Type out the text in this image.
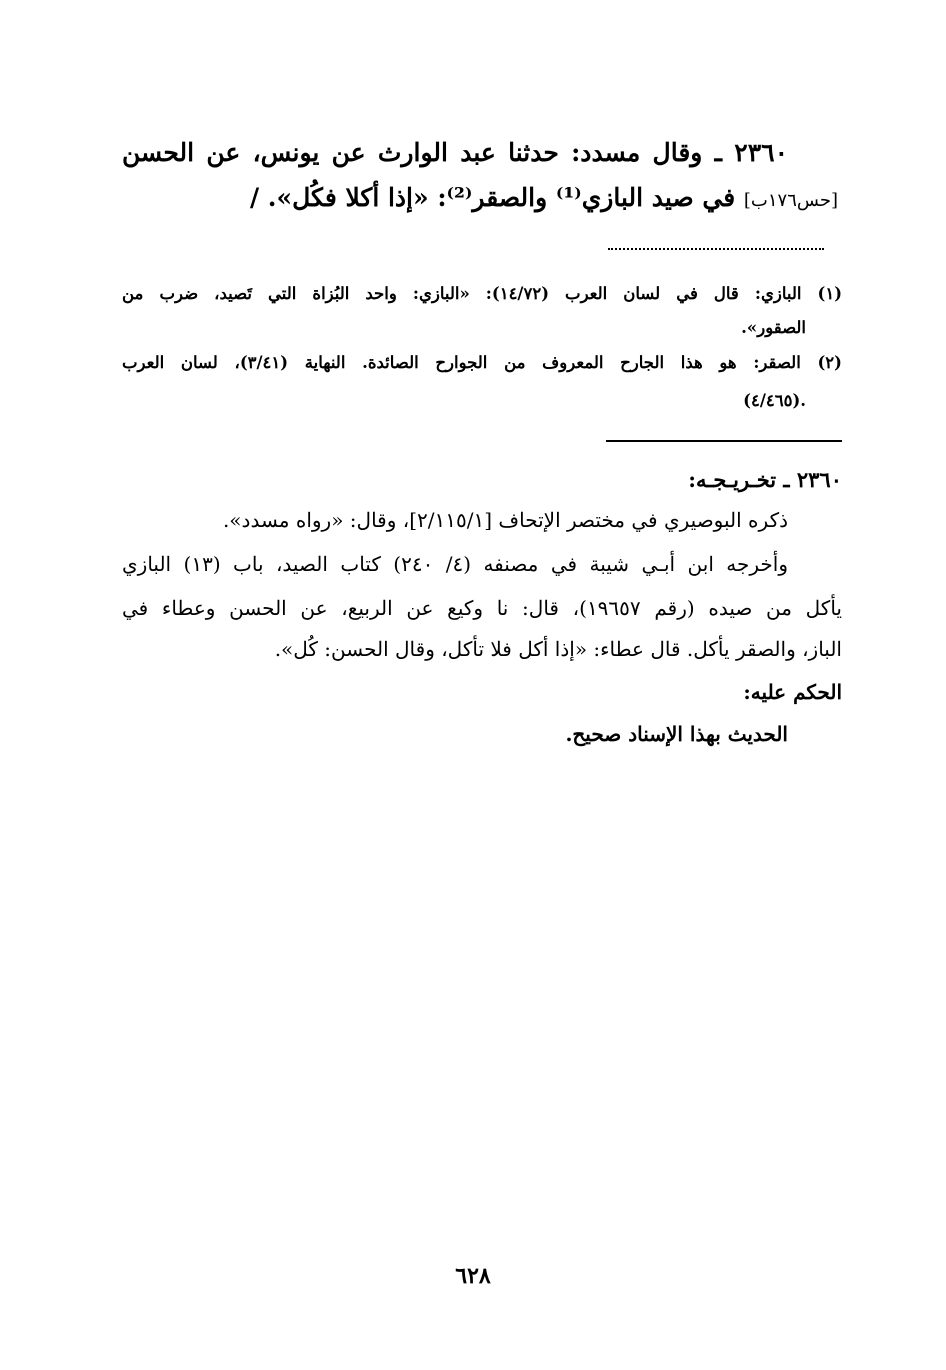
٢٣٦٠ ـ وقال مسدد: حدثنا عبد الوارث عن يونس، عن الحسن
[حس١٧٦ب] في صيد البازي⁽¹⁾ والصقر⁽²⁾: «إذا أكلا فكُل». /
(١) البازي: قال في لسان العرب (١٤/٧٢): «البازي: واحد البُزاة التي تَصيد، ضرب من
الصقور».
(٢) الصقر: هو هذا الجارح المعروف من الجوارح الصائدة. النهاية (٣/٤١)، لسان العرب
(٤/٤٦٥).
٢٣٦٠ ـ تخـريـجـه:
ذكره البوصيري في مختصر الإتحاف [٢/١١٥/١]، وقال: «رواه مسدد».
وأخرجه ابن أبـي شيبة في مصنفه (٤/ ٢٤٠) كتاب الصيد، باب (١٣) البازي
يأكل من صيده (رقم ١٩٦٥٧)، قال: نا وكيع عن الربيع، عن الحسن وعطاء في
الباز، والصقر يأكل. قال عطاء: «إذا أكل فلا تأكل، وقال الحسن: كُل».
الحكم عليه:
الحديث بهذا الإسناد صحيح.
٦٢٨
